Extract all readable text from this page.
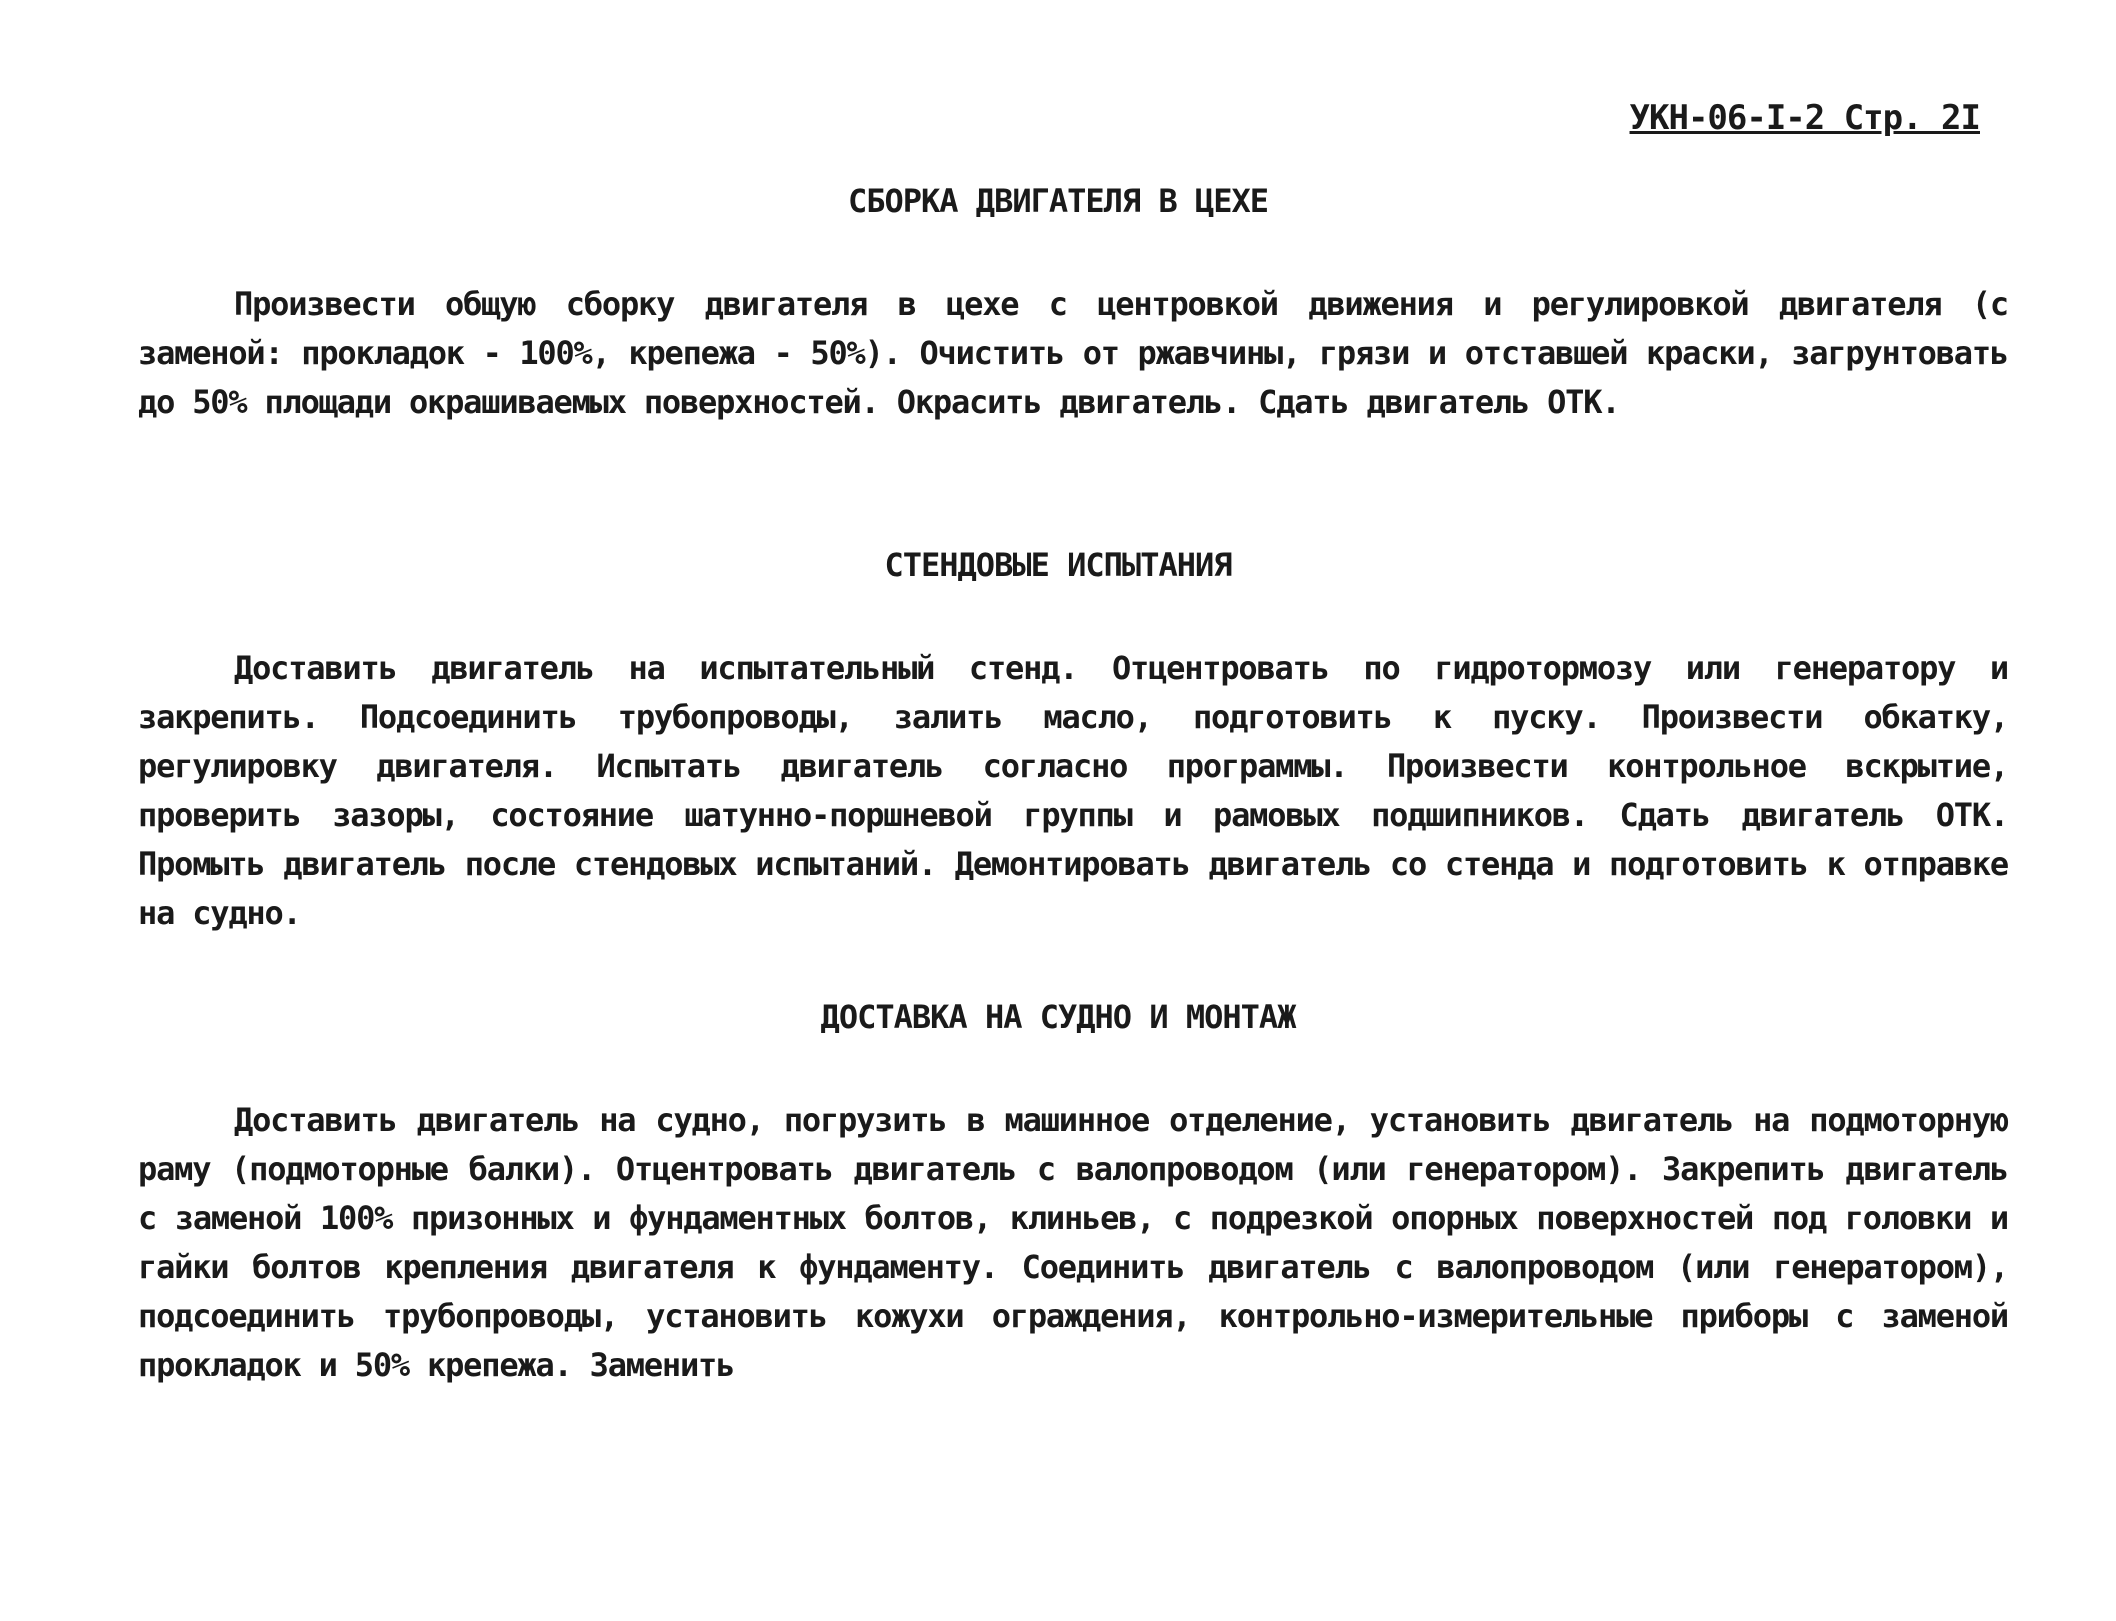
УКН-06-I-2 Стр. 2I
СБОРКА ДВИГАТЕЛЯ В ЦЕХЕ

Произвести общую сборку двигателя в цехе с центровкой движения и регулировкой двигателя (с заменой: прокладок - 100%, крепежа - 50%). Очистить от ржавчины, грязи и отставшей краски, загрунтовать до 50% площади окрашиваемых поверхностей. Окрасить двигатель. Сдать двигатель ОТК.

СТЕНДОВЫЕ ИСПЫТАНИЯ

Доставить двигатель на испытательный стенд. Отцентровать по гидротормозу или генератору и закрепить. Подсоединить трубопроводы, залить масло, подготовить к пуску. Произвести обкатку, регулировку двигателя. Испытать двигатель согласно программы. Произвести контрольное вскрытие, проверить зазоры, состояние шатунно-поршневой группы и рамовых подшипников. Сдать двигатель ОТК. Промыть двигатель после стендовых испытаний. Демонтировать двигатель со стенда и подготовить к отправке на судно.

ДОСТАВКА НА СУДНО И МОНТАЖ

Доставить двигатель на судно, погрузить в машинное отделение, установить двигатель на подмоторную раму (подмоторные балки). Отцентровать двигатель с валопроводом (или генератором). Закрепить двигатель с заменой 100% призонных и фундаментных болтов, клиньев, с подрезкой опорных поверхностей под головки и гайки болтов крепления двигателя к фундаменту. Соединить двигатель с валопроводом (или генератором), подсоединить трубопроводы, установить кожухи ограждения, контрольно-измерительные приборы с заменой прокладок и 50% крепежа. Заменить
